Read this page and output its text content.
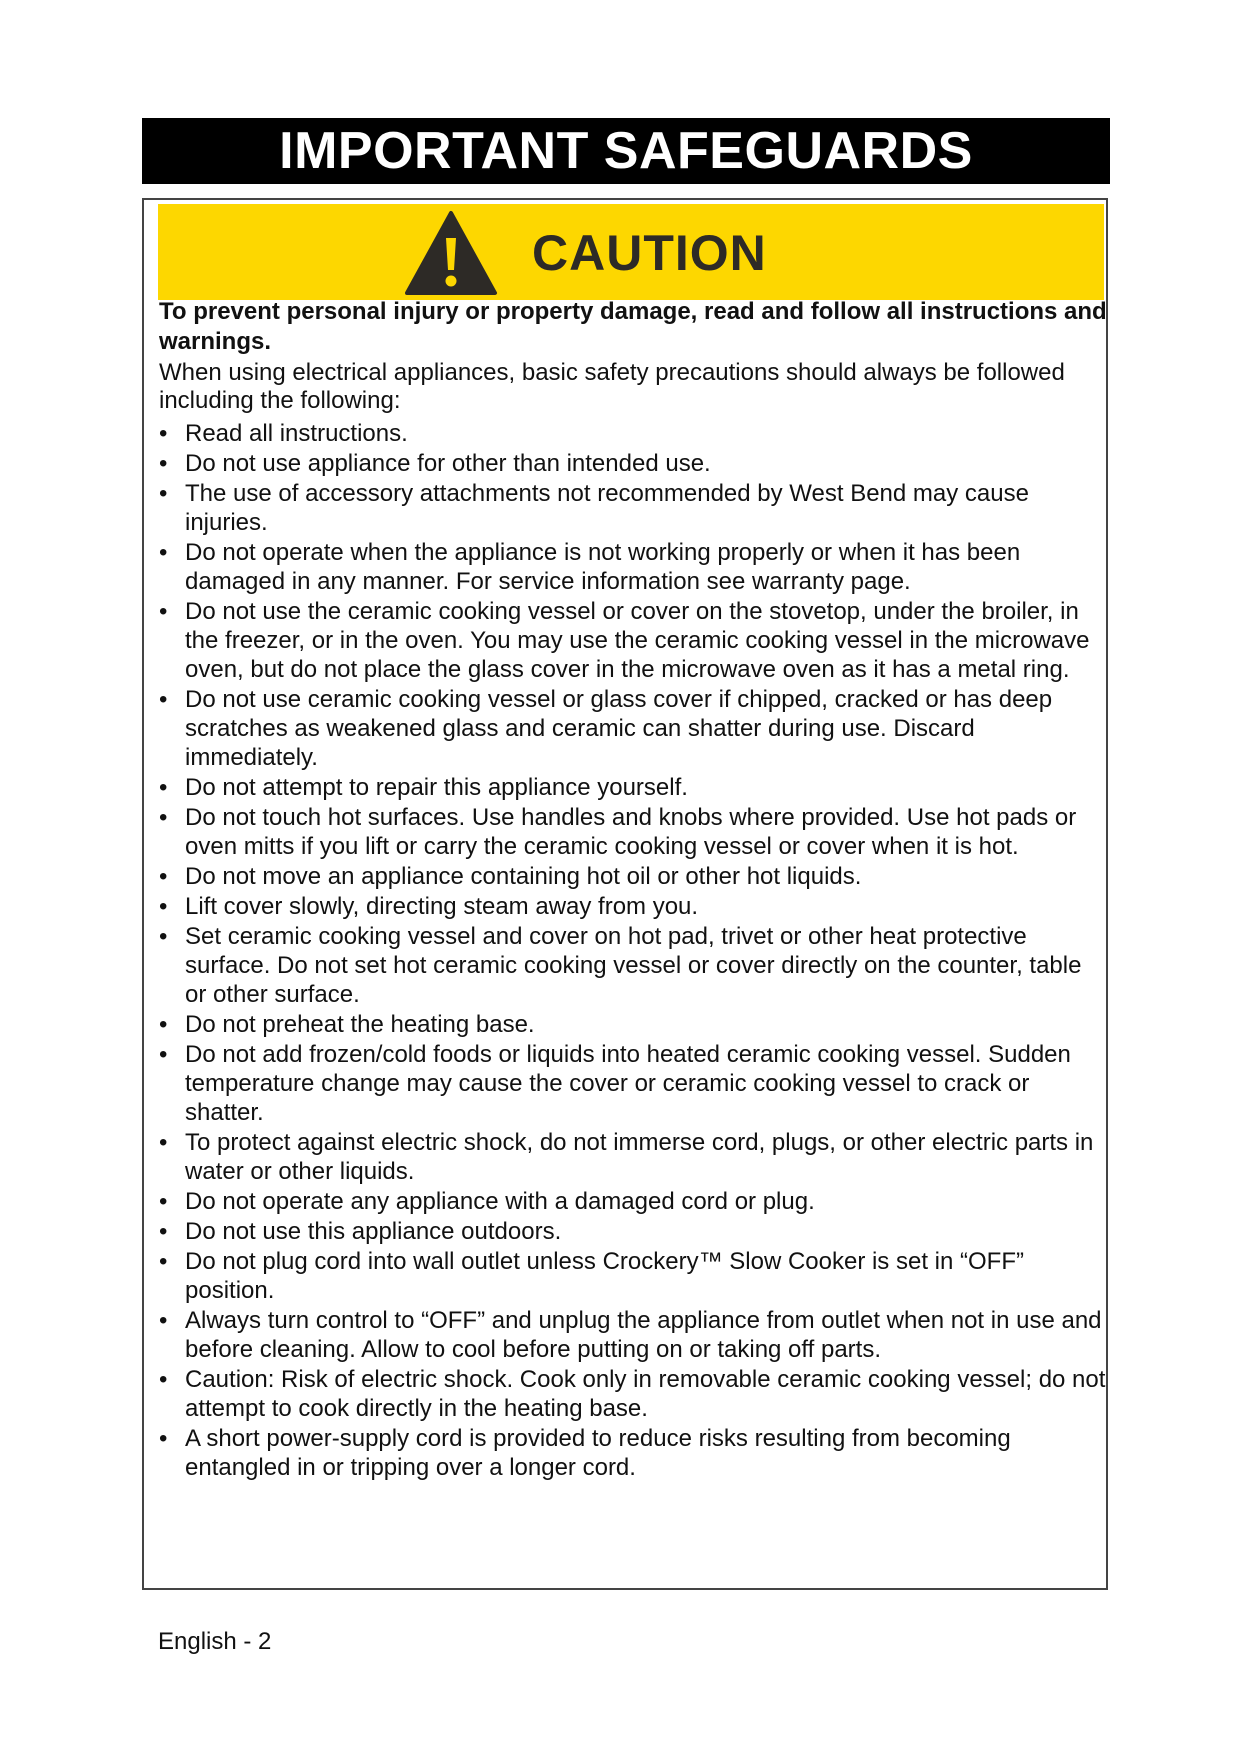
IMPORTANT SAFEGUARDS
CAUTION

To prevent personal injury or property damage, read and follow all instructions and warnings.

When using electrical appliances, basic safety precautions should always be followed including the following:

• Read all instructions.
• Do not use appliance for other than intended use.
• The use of accessory attachments not recommended by West Bend may cause injuries.
• Do not operate when the appliance is not working properly or when it has been damaged in any manner. For service information see warranty page.
• Do not use the ceramic cooking vessel or cover on the stovetop, under the broiler, in the freezer, or in the oven. You may use the ceramic cooking vessel in the microwave oven, but do not place the glass cover in the microwave oven as it has a metal ring.
• Do not use ceramic cooking vessel or glass cover if chipped, cracked or has deep scratches as weakened glass and ceramic can shatter during use. Discard immediately.
• Do not attempt to repair this appliance yourself.
• Do not touch hot surfaces. Use handles and knobs where provided. Use hot pads or oven mitts if you lift or carry the ceramic cooking vessel or cover when it is hot.
• Do not move an appliance containing hot oil or other hot liquids.
• Lift cover slowly, directing steam away from you.
• Set ceramic cooking vessel and cover on hot pad, trivet or other heat protective surface. Do not set hot ceramic cooking vessel or cover directly on the counter, table or other surface.
• Do not preheat the heating base.
• Do not add frozen/cold foods or liquids into heated ceramic cooking vessel. Sudden temperature change may cause the cover or ceramic cooking vessel to crack or shatter.
• To protect against electric shock, do not immerse cord, plugs, or other electric parts in water or other liquids.
• Do not operate any appliance with a damaged cord or plug.
• Do not use this appliance outdoors.
• Do not plug cord into wall outlet unless Crockery™ Slow Cooker is set in “OFF” position.
• Always turn control to “OFF” and unplug the appliance from outlet when not in use and before cleaning. Allow to cool before putting on or taking off parts.
• Caution: Risk of electric shock. Cook only in removable ceramic cooking vessel; do not attempt to cook directly in the heating base.
• A short power-supply cord is provided to reduce risks resulting from becoming entangled in or tripping over a longer cord.
English - 2
